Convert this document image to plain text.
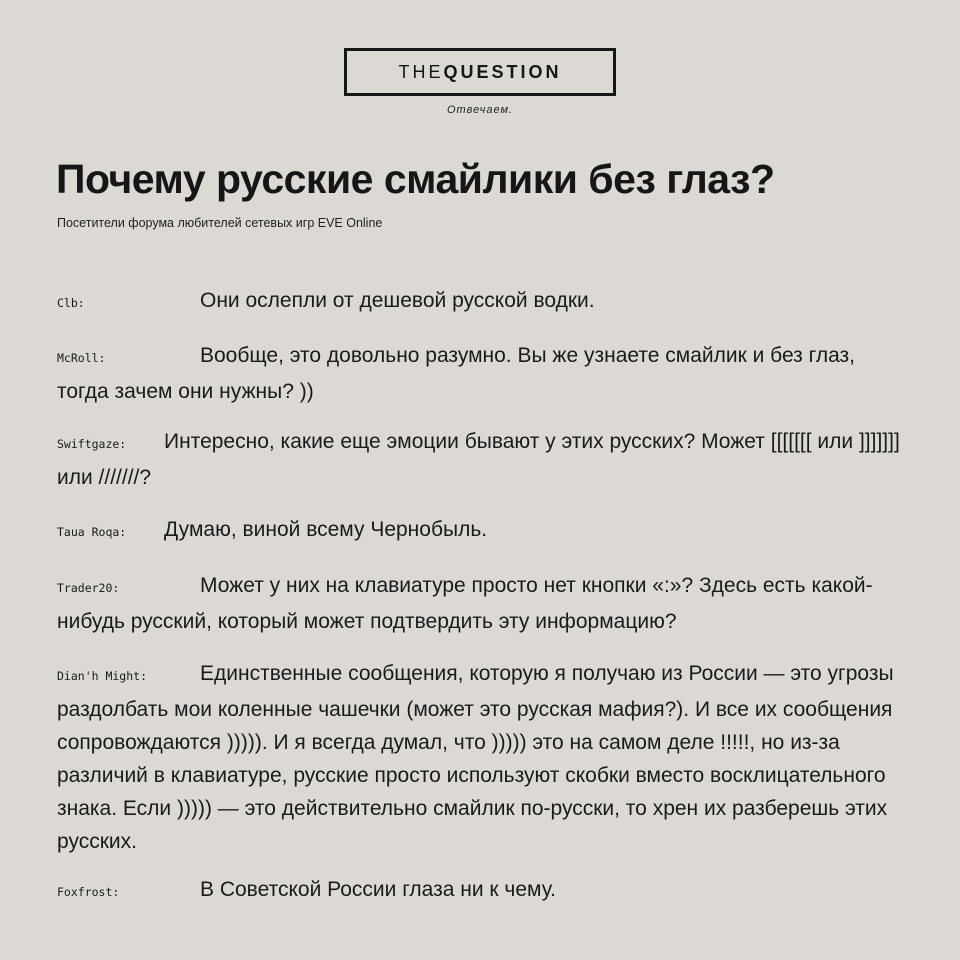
THE QUESTION
Отвечаем.
Почему русские смайлики без глаз?
Посетители форума любителей сетевых игр EVE Online
Clb:	Они ослепли от дешевой русской водки.
McRoll:	Вообще, это довольно разумно. Вы же узнаете смайлик и без глаз, тогда зачем они нужны? ))
Swiftgaze: Интересно, какие еще эмоции бывают у этих русских? Может [[[[[[[ или ]]]]]]] или ///////?
Taua Roqa: Думаю, виной всему Чернобыль.
Trader20:	Может у них на клавиатуре просто нет кнопки «:»? Здесь есть какой-нибудь русский, который может подтвердить эту информацию?
Dian'h Might:	Единственные сообщения, которую я получаю из России — это угрозы раздолбать мои коленные чашечки (может это русская мафия?). И все их сообщения сопровождаются ))))). И я всегда думал, что ))))) это на самом деле !!!!!, но из-за различий в клавиатуре, русские просто используют скобки вместо восклицательного знака. Если ))))) — это действительно смайлик по-русски, то хрен их разберешь этих русских.
Foxfrost:	В Советской России глаза ни к чему.
